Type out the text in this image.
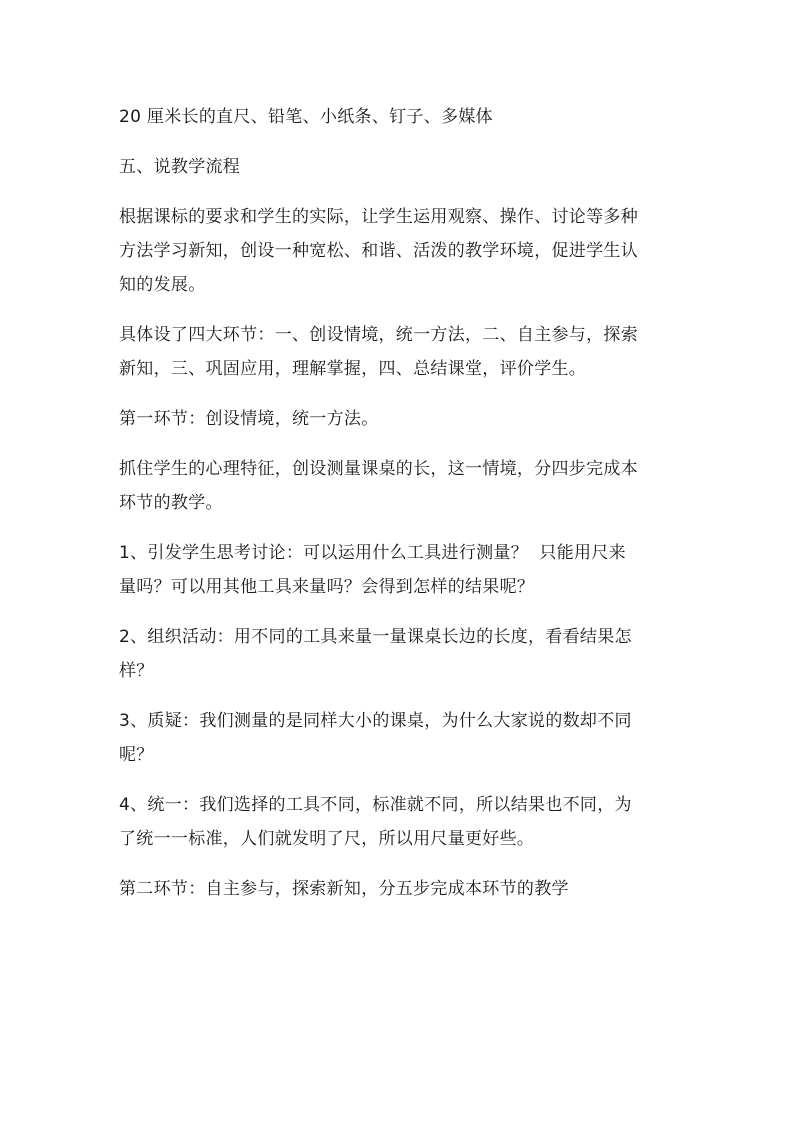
20 厘米长的直尺、铅笔、小纸条、钉子、多媒体

五、说教学流程

根据课标的要求和学生的实际，让学生运用观察、操作、讨论等多种
方法学习新知，创设一种宽松、和谐、活泼的教学环境，促进学生认
知的发展。

具体设了四大环节：一、创设情境，统一方法，二、自主参与，探索
新知，三、巩固应用，理解掌握，四、总结课堂，评价学生。

第一环节：创设情境，统一方法。

抓住学生的心理特征，创设测量课桌的长，这一情境，分四步完成本
环节的教学。

1、引发学生思考讨论：可以运用什么工具进行测量？  只能用尺来
量吗？可以用其他工具来量吗？会得到怎样的结果呢？

2、组织活动：用不同的工具来量一量课桌长边的长度，看看结果怎
样？

3、质疑：我们测量的是同样大小的课桌，为什么大家说的数却不同
呢？

4、统一：我们选择的工具不同，标准就不同，所以结果也不同，为
了统一一标准，人们就发明了尺，所以用尺量更好些。

第二环节：自主参与，探索新知，分五步完成本环节的教学
